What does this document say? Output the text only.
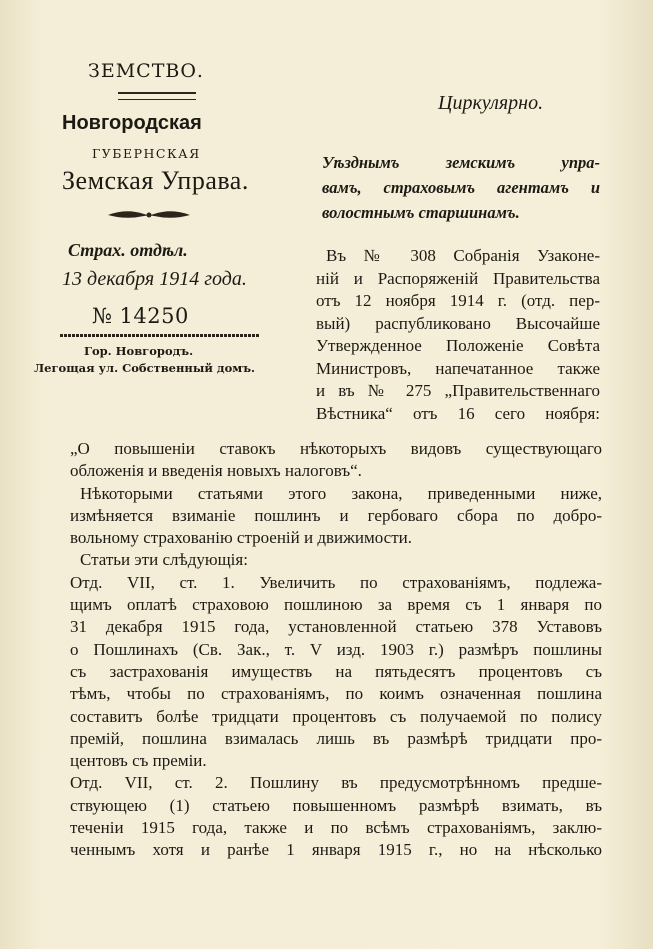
ЗЕМСТВО.
Новгородская
ГУБЕРНСКАЯ
Земская Управа.
Страх. отдѣл.
13 декабря 1914 года.
№ 14250
Гор. Новгородъ.
Легощая ул. Собственный домъ.
Циркулярно.
Уѣзднымъ земскимъ упра-
вамъ, страховымъ агентамъ и
волостнымъ старшинамъ.
Въ № 308 Собранія Узаконе-
ній и Распоряженій Правительства
отъ 12 ноября 1914 г. (отд. пер-
вый) распубликовано Высочайше
Утвержденное Положеніе Совѣта
Министровъ, напечатанное также
и въ № 275 „Правительственнаго
Вѣстника“ отъ 16 сего ноября:
„О повышеніи ставокъ нѣкоторыхъ видовъ существующаго
обложенія и введенія новыхъ налоговъ“.
Нѣкоторыми статьями этого закона, приведенными ниже,
измѣняется взиманіе пошлинъ и гербоваго сбора по добро-
вольному страхованію строеній и движимости.
Статьи эти слѣдующія:
Отд. VII, ст. 1. Увеличить по страхованіямъ, подлежа-
щимъ оплатѣ страховою пошлиною за время съ 1 января по
31 декабря 1915 года, установленной статьею 378 Уставовъ
о Пошлинахъ (Св. Зак., т. V изд. 1903 г.) размѣръ пошлины
съ застрахованія имуществъ на пятьдесятъ процентовъ съ
тѣмъ, чтобы по страхованіямъ, по коимъ означенная пошлина
составитъ болѣе тридцати процентовъ съ получаемой по полису
премій, пошлина взималась лишь въ размѣрѣ тридцати про-
центовъ съ преміи.
Отд. VII, ст. 2. Пошлину въ предусмотрѣнномъ предше-
ствующею (1) статьею повышенномъ размѣрѣ взимать, въ
теченіи 1915 года, также и по всѣмъ страхованіямъ, заклю-
ченнымъ хотя и ранѣе 1 января 1915 г., но на нѣсколько
